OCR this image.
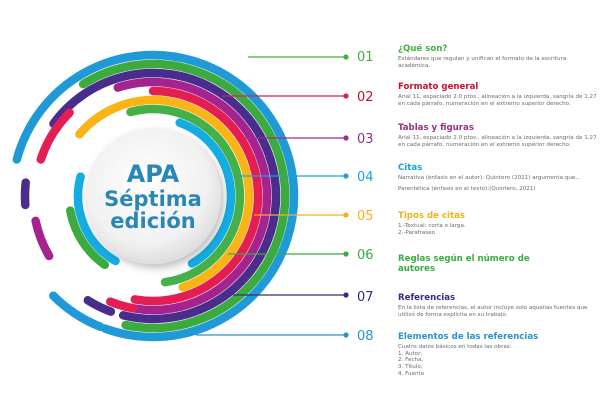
APA
Séptima
edición
01
02
03
04
05
06
07
08
¿Qué son?

Estándares que regulan y unifican el formato de la escritura académica.

Formato general

Arial 11, espaciado 2.0 ptos., alineación a la izquierda, sangría de 1.27 en cada párrafo, numeración en el extremo superior derecho.

Tablas y figuras

Arial 11, espaciado 2.0 ptos., alineación a la izquierda, sangría de 1.27 en cada párrafo, numeración en el extremo superior derecho.

Citas

Narrativa (énfasis en el autor): Quintero (2021) argumenta que...

Parentética (énfasis en el texto):(Quintero, 2021)

Tipos de citas
1.-Textual: corta o larga.
2.-Parafraseo
Reglas según el número de autores
Referencias

En la lista de referencias, el autor incluye solo aquellas fuentes que utilizó de forma explícita en su trabajo.

Elementos de las referencias
Cuatro datos básicos en todas las obras:
1. Autor,
2. Fecha,
3. Título,
4. Fuente
